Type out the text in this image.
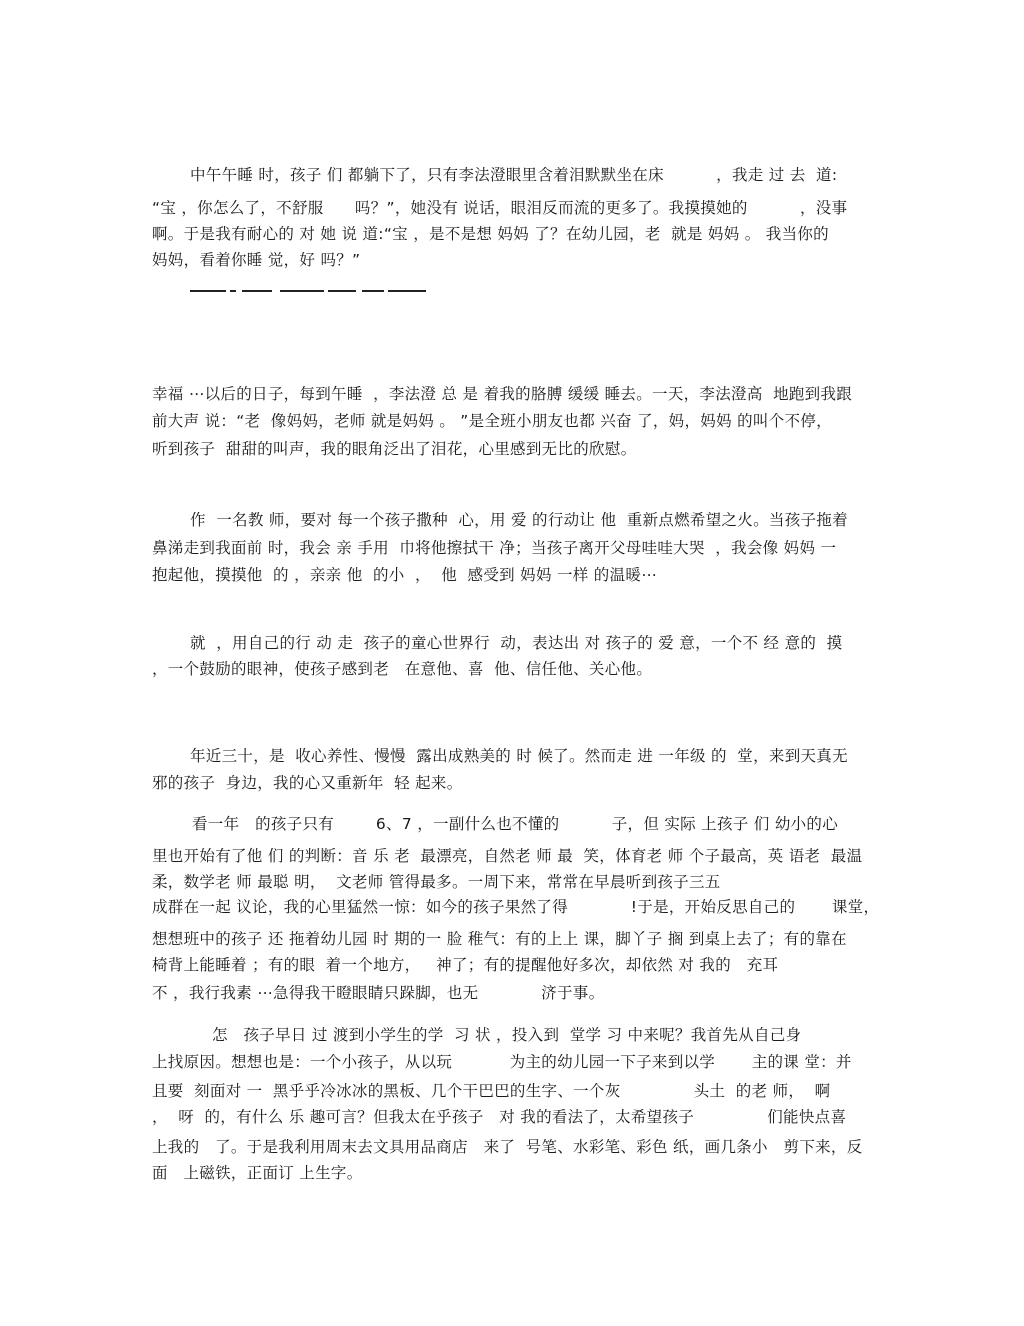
中午午睡 时，孩子 们 都躺下了，只有李法澄眼里含着泪默默坐在床          ，我走 过 去  道:
“宝 ，你怎么了，不舒服      吗？”，她没有 说话，眼泪反而流的更多了。我摸摸她的          ，没事
啊。于是我有耐心的 对 她 说 道:“宝 ，是不是想 妈妈 了？在幼儿园，老  就是 妈妈 。 我当你的
妈妈，看着你睡 觉，好 吗？”
幸福 ⋯以后的日子，每到午睡  ，李法澄 总 是 着我的胳膊 缓缓 睡去。一天，李法澄高  地跑到我跟
前大声 说：“老  像妈妈，老师 就是妈妈 。 ”是全班小朋友也都 兴奋 了，妈，妈妈 的叫个不停，
听到孩子  甜甜的叫声，我的眼角泛出了泪花，心里感到无比的欣慰。
作  一名教 师，要对 每一个孩子撒种  心，用 爱 的行动让 他  重新点燃希望之火。当孩子拖着
鼻涕走到我面前 时，我会 亲 手用  巾将他擦拭干 净；当孩子离开父母哇哇大哭  ，我会像 妈妈 一
抱起他，摸摸他  的 ，亲亲 他  的小  ，  他  感受到 妈妈 一样 的温暖⋯
就  ，用自己的行 动 走  孩子的童心世界行  动，表达出 对 孩子的 爱 意，一个不 经 意的  摸
，一个鼓励的眼神，使孩子感到老   在意他、喜  他、信任他、关心他。
年近三十，是  收心养性、慢慢  露出成熟美的 时 候了。然而走 进 一年级 的  堂，来到天真无
邪的孩子  身边，我的心又重新年  轻 起来。
看一年   的孩子只有        6、7 ，一副什么也不懂的          子，但 实际 上孩子 们 幼小的心
里也开始有了他 们 的判断：音 乐 老  最漂亮，自然老 师 最  笑，体育老 师 个子最高，英 语老  最温
柔，数学老 师 最聪 明，  文老师 管得最多。一周下来，常常在早晨听到孩子三五
成群在一起 议论，我的心里猛然一惊：如今的孩子果然了得            !于是，开始反思自己的       课堂，
想想班中的孩子 还 拖着幼儿园 时 期的一 脸 稚气：有的上上 课，脚丫子 搁 到桌上去了；有的靠在
椅背上能睡着 ；有的眼  着一个地方，   神了；有的提醒他好多次，却依然 对 我的   充耳
不 ，我行我素 ⋯急得我干瞪眼睛只跺脚，也无            济于事。
怎   孩子早日 过 渡到小学生的学  习 状 ，投入到  堂学 习 中来呢？我首先从自己身
上找原因。想想也是：一个小孩子，从以玩           为主的幼儿园一下子来到以学       主的课 堂：并
且要  刻面对 一  黑乎乎冷冰冰的黑板、几个干巴巴的生字、一个灰              头土  的老 师，  啊
，  呀  的，有什么 乐 趣可言？但我太在乎孩子   对 我的看法了，太希望孩子              们能快点喜
上我的   了。于是我利用周末去文具用品商店   来了  号笔、水彩笔、彩色 纸，画几条小   剪下来，反
面   上磁铁，正面订 上生字。
